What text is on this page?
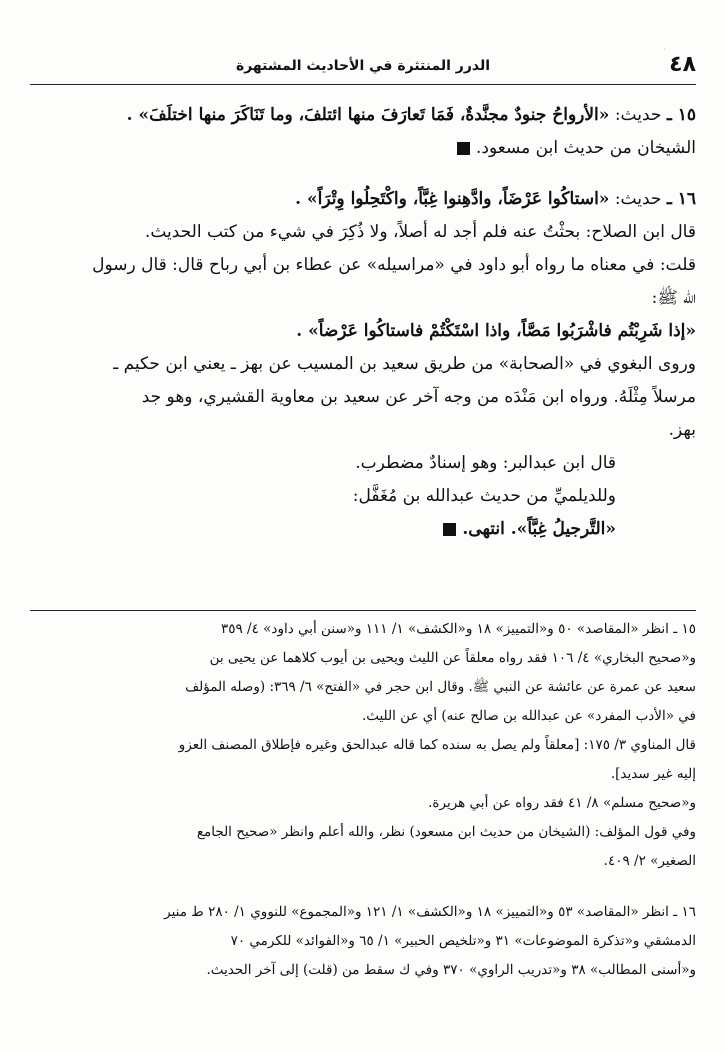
·
٤٨
الدرر المنتثرة في الأحاديث المشتهرة

١٥ ـ حديث: «الأرواحُ جنودٌ مجنَّدةٌ، فَمَا تَعارَفَ منها ائتلفَ، وما تَنَاكَرَ منها اختلَفَ» .

الشيخان من حديث ابن مسعود.

١٦ ـ حديث: «استاكُوا عَرْضَاً، وادَّهِنوا غِبَّاً، واكْتَحِلُوا وِتْرَاً» .

قال ابن الصلاح: بحثْتُ عنه فلم أجد له أصلاً، ولا ذُكِرَ في شيء من كتب الحديث.

قلت: في معناه ما رواه أبو داود في «مراسيله» عن عطاء بن أبي رباح قال: قال رسول

الله ﷺ:

«إذا شَرِبْتُم فاشْرَبُوا مَصَّاً، واذا اسْتَكْتُمْ فاستاكُوا عَرْضاً» .

وروى البغوي في «الصحابة» من طريق سعيد بن المسيب عن بهز ـ يعني ابن حكيم ـ

مرسلاً مِثْلَهُ. ورواه ابن مَنْدَه من وجه آخر عن سعيد بن معاوية القشيري، وهو جد

بهز.

قال ابن عبدالبر: وهو إسنادٌ مضطرب.

وللديلميِّ من حديث عبدالله بن مُغَفَّل:

«التَّرجيلُ غِبَّاً». انتهى.

١٥ ـ انظر «المقاصد» ٥٠ و«التمييز» ١٨ و«الكشف» ١/ ١١١ و«سنن أبي داود» ٤/ ٣٥٩

و«صحيح البخاري» ٤/ ١٠٦ فقد رواه معلقاً عن الليث ويحيى بن أيوب كلاهما عن يحيى بن

سعيد عن عمرة عن عائشة عن النبي ﷺ. وقال ابن حجر في «الفتح» ٦/ ٣٦٩: (وصله المؤلف

في «الأدب المفرد» عن عبدالله بن صالح عنه) أي عن الليث.

قال المناوي ٣/ ١٧٥: [معلقاً ولم يصل به سنده كما قاله عبدالحق وغيره فإطلاق المصنف العزو

إليه غير سديد].

و«صحيح مسلم» ٨/ ٤١ فقد رواه عن أبي هريرة.

وفي قول المؤلف: (الشيخان من حديث ابن مسعود) نظر، والله أعلم وانظر «صحيح الجامع

الصغير» ٢/ ٤٠٩.

١٦ ـ انظر «المقاصد» ٥٣ و«التمييز» ١٨ و«الكشف» ١/ ١٢١ و«المجموع» للنووي ١/ ٢٨٠ ط منير

الدمشقي و«تذكرة الموضوعات» ٣١ و«تلخيص الحبير» ١/ ٦٥ و«الفوائد» للكرمي ٧٠

و«أسنى المطالب» ٣٨ و«تدريب الراوي» ٣٧٠ وفي ك سقط من (قلت) إلى آخر الحديث.
